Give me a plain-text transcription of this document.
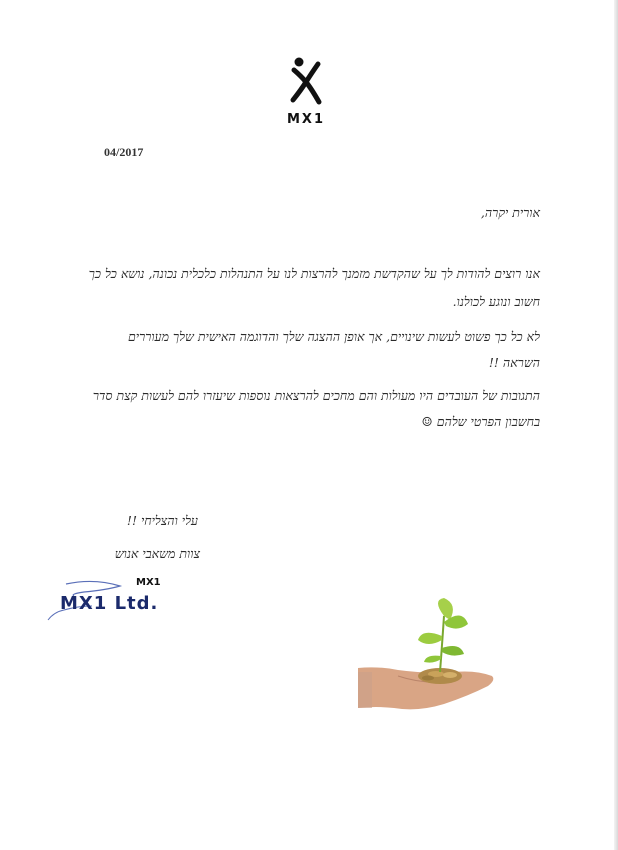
MX1
04/2017
אורית יקרה,
אנו רוצים להודות לך על שהקדשת מזמנך להרצות לנו על התנהלות כלכלית נכונה, נושא כל כך
חשוב ונוגע לכולנו.
לא כל כך פשוט לעשות שינויים, אך אופן ההצגה שלך והדוגמה האישית שלך מעוררים
השראה !!
התגובות של העובדים היו מעולות והם מחכים להרצאות נוספות שיעזרו להם לעשות קצת סדר
בחשבון הפרטי שלהם ☺
עלי והצליחי !!
צוות משאבי אנוש
MX1
MX1 Ltd.
